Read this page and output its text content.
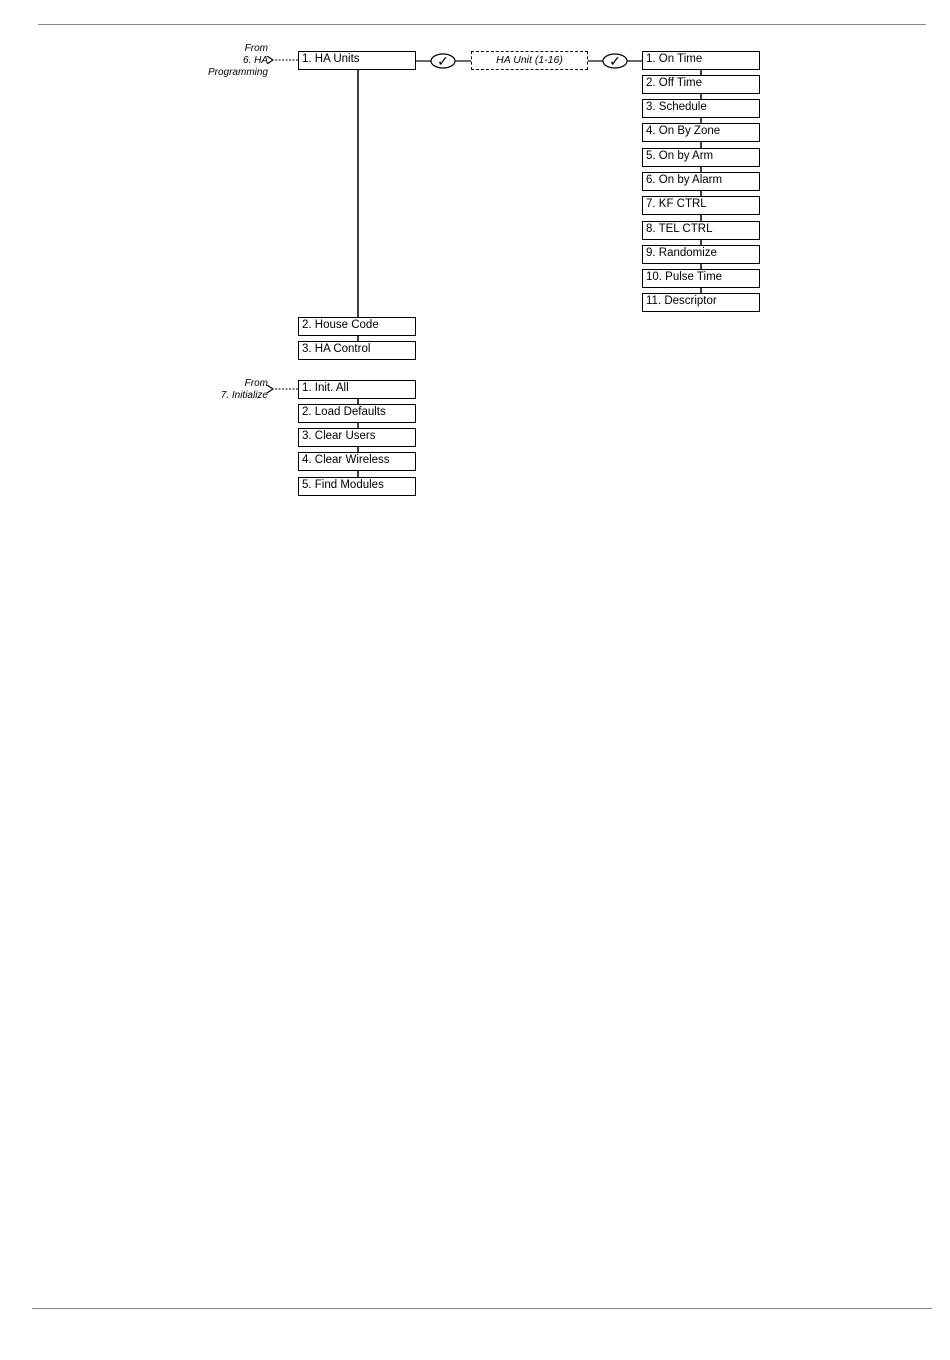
From
6. HA
Programming
From
7. Initialize
✓	✓
1. HA Units	HA Unit (1-16)	1. On Time
2. Off Time
3. Schedule
4. On By Zone
5. On by Arm
6. On by Alarm
7. KF CTRL
8. TEL CTRL
9. Randomize
10. Pulse Time
11. Descriptor
2. House Code
3. HA Control
1. Init. All
2. Load Defaults
3. Clear Users
4. Clear Wireless
5. Find Modules
